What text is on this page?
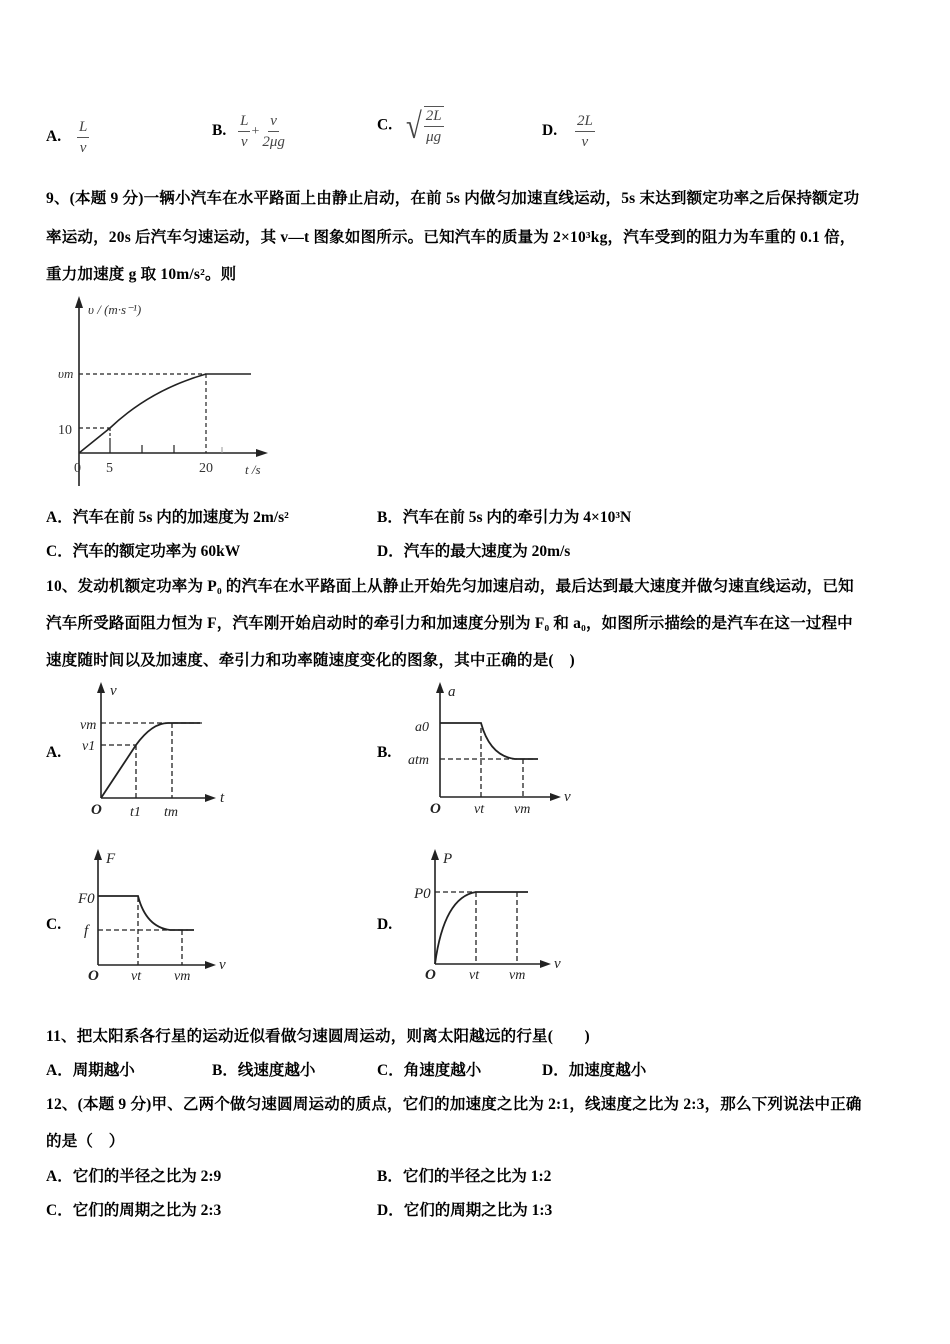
A. $\frac{L}{v}$	B. $\frac{L}{v} + \frac{v}{2\mu g}$	C. √ $\frac{2L}{\mu g}$	D. $\frac{2L}{v}$
9、(本题 9 分)一辆小汽车在水平路面上由静止启动，在前 5s 内做匀加速直线运动，5s 末达到额定功率之后保持额定功
率运动，20s 后汽车匀速运动，其 v—t 图象如图所示。已知汽车的质量为 2×10³kg，汽车受到的阻力为车重的 0.1 倍，
重力加速度 g 取 10m/s²。则
υ / (m·s⁻¹)
υm
10
0 5	20 t /s
A．汽车在前 5s 内的加速度为 2m/s²	B．汽车在前 5s 内的牵引力为 4×10³N
C．汽车的额定功率为 60kW	D．汽车的最大速度为 20m/s
10、发动机额定功率为 P₀ 的汽车在水平路面上从静止开始先匀加速启动，最后达到最大速度并做匀速直线运动，已知
汽车所受路面阻力恒为 F，汽车刚开始启动时的牵引力和加速度分别为 F₀ 和 a₀，如图所示描绘的是汽车在这一过程中
速度随时间以及加速度、牵引力和功率随速度变化的图象，其中正确的是(　)
A.
v
vm
v1
O t1 tm
t
B.
a
a0
atm
O vt vm
v
C.
F
F0
f
O vt vm
v
D.
P
P0
O vt vm
v
11、把太阳系各行星的运动近似看做匀速圆周运动，则离太阳越远的行星(　　)
A．周期越小	B．线速度越小	C．角速度越小	D．加速度越小
12、(本题 9 分)甲、乙两个做匀速圆周运动的质点，它们的加速度之比为 2:1，线速度之比为 2:3，那么下列说法中正确
的是（　）
A．它们的半径之比为 2:9	B．它们的半径之比为 1:2
C．它们的周期之比为 2:3	D．它们的周期之比为 1:3
